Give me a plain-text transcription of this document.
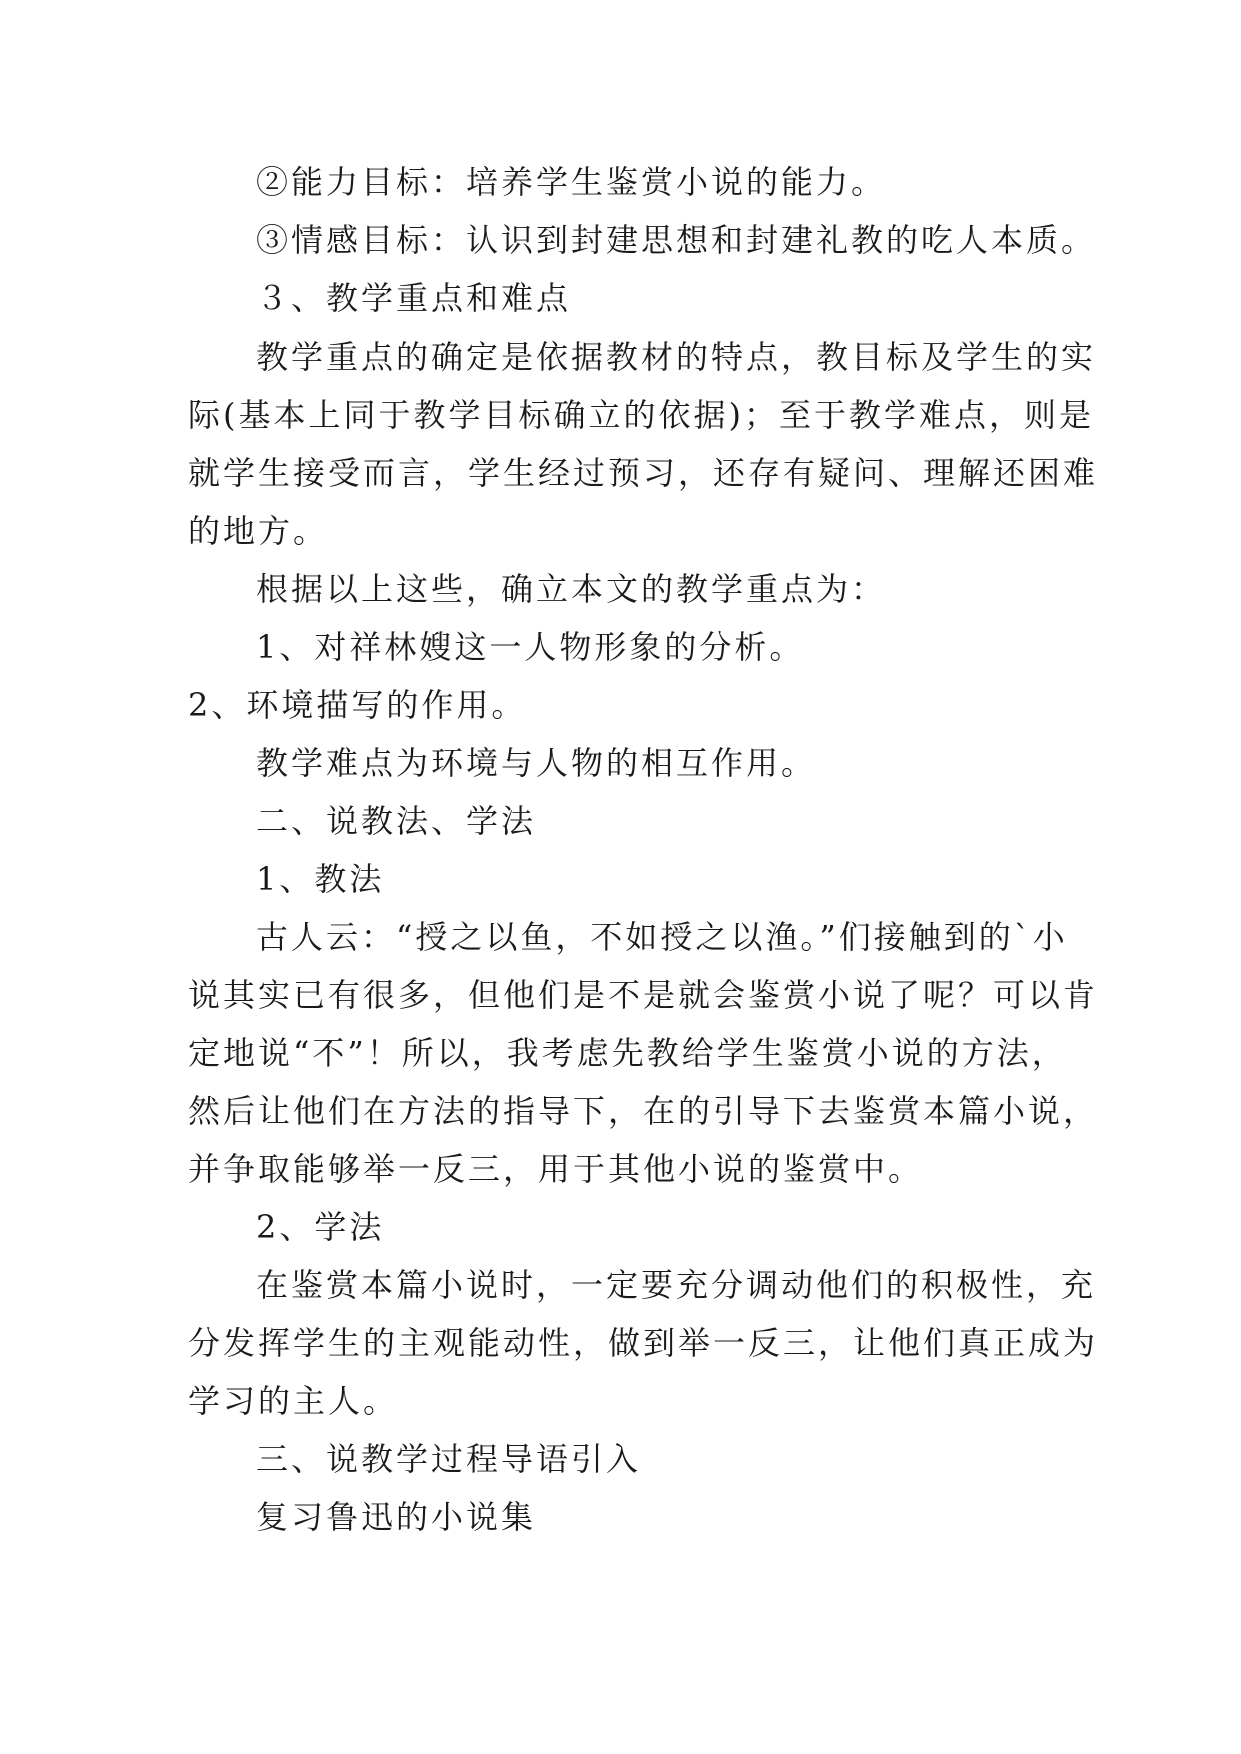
②能力目标：培养学生鉴赏小说的能力。
③情感目标：认识到封建思想和封建礼教的吃人本质。
３、教学重点和难点
教学重点的确定是依据教材的特点，教目标及学生的实
际(基本上同于教学目标确立的依据)；至于教学难点，则是
就学生接受而言，学生经过预习，还存有疑问、理解还困难
的地方。
根据以上这些，确立本文的教学重点为：
1、对祥林嫂这一人物形象的分析。
2、环境描写的作用。
教学难点为环境与人物的相互作用。
二、说教法、学法
1、教法
古人云：“授之以鱼，不如授之以渔。”们接触到的`小
说其实已有很多，但他们是不是就会鉴赏小说了呢？可以肯
定地说“不”！所以，我考虑先教给学生鉴赏小说的方法，
然后让他们在方法的指导下，在的引导下去鉴赏本篇小说，
并争取能够举一反三，用于其他小说的鉴赏中。
2、学法
在鉴赏本篇小说时，一定要充分调动他们的积极性，充
分发挥学生的主观能动性，做到举一反三，让他们真正成为
学习的主人。
三、说教学过程导语引入
复习鲁迅的小说集
